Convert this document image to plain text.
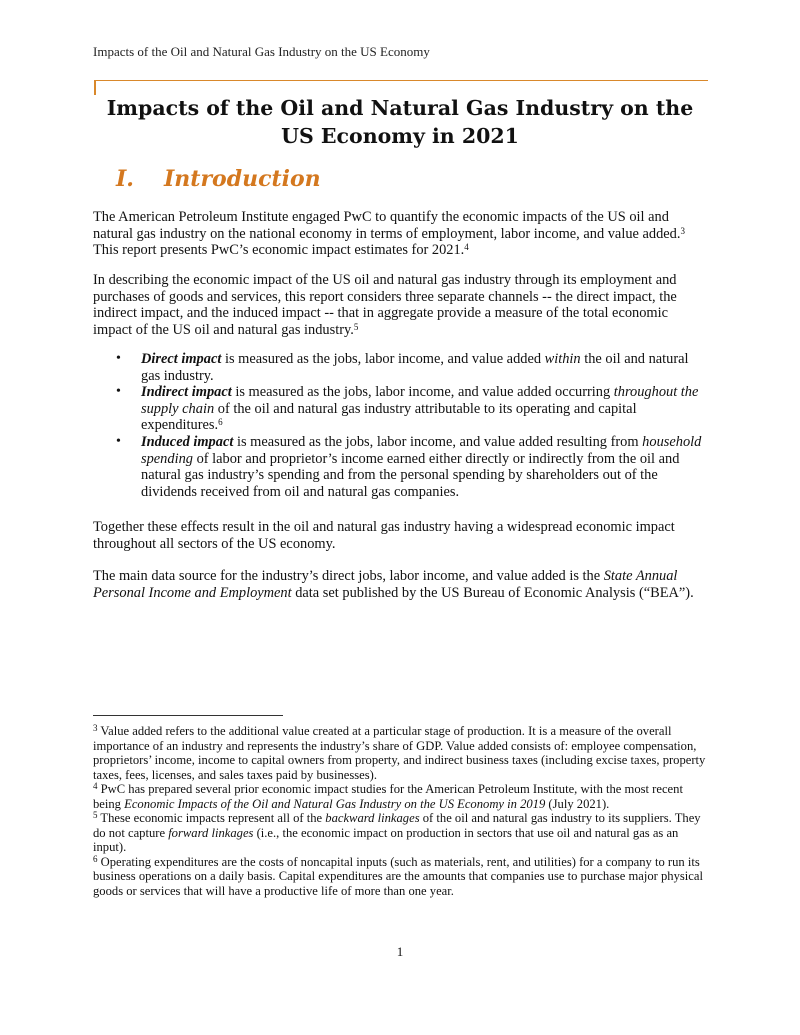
Impacts of the Oil and Natural Gas Industry on the US Economy
Impacts of the Oil and Natural Gas Industry on the US Economy in 2021
I.	Introduction

The American Petroleum Institute engaged PwC to quantify the economic impacts of the US oil and natural gas industry on the national economy in terms of employment, labor income, and value added.$^3$ This report presents PwC’s economic impact estimates for 2021.$^4$

In describing the economic impact of the US oil and natural gas industry through its employment and purchases of goods and services, this report considers three separate channels -- the direct impact, the indirect impact, and the induced impact -- that in aggregate provide a measure of the total economic impact of the US oil and natural gas industry.$^5$

• Direct impact is measured as the jobs, labor income, and value added within the oil and natural gas industry.
• Indirect impact is measured as the jobs, labor income, and value added occurring throughout the supply chain of the oil and natural gas industry attributable to its operating and capital expenditures.$^6$
• Induced impact is measured as the jobs, labor income, and value added resulting from household spending of labor and proprietor’s income earned either directly or indirectly from the oil and natural gas industry’s spending and from the personal spending by shareholders out of the dividends received from oil and natural gas companies.

Together these effects result in the oil and natural gas industry having a widespread economic impact throughout all sectors of the US economy.

The main data source for the industry’s direct jobs, labor income, and value added is the State Annual Personal Income and Employment data set published by the US Bureau of Economic Analysis (“BEA”).

$^3$ Value added refers to the additional value created at a particular stage of production. It is a measure of the overall importance of an industry and represents the industry’s share of GDP. Value added consists of: employee compensation, proprietors’ income, income to capital owners from property, and indirect business taxes (including excise taxes, property taxes, fees, licenses, and sales taxes paid by businesses).

$^4$ PwC has prepared several prior economic impact studies for the American Petroleum Institute, with the most recent being Economic Impacts of the Oil and Natural Gas Industry on the US Economy in 2019 (July 2021).

$^5$ These economic impacts represent all of the backward linkages of the oil and natural gas industry to its suppliers. They do not capture forward linkages (i.e., the economic impact on production in sectors that use oil and natural gas as an input).

$^6$ Operating expenditures are the costs of noncapital inputs (such as materials, rent, and utilities) for a company to run its business operations on a daily basis. Capital expenditures are the amounts that companies use to purchase major physical goods or services that will have a productive life of more than one year.

1
